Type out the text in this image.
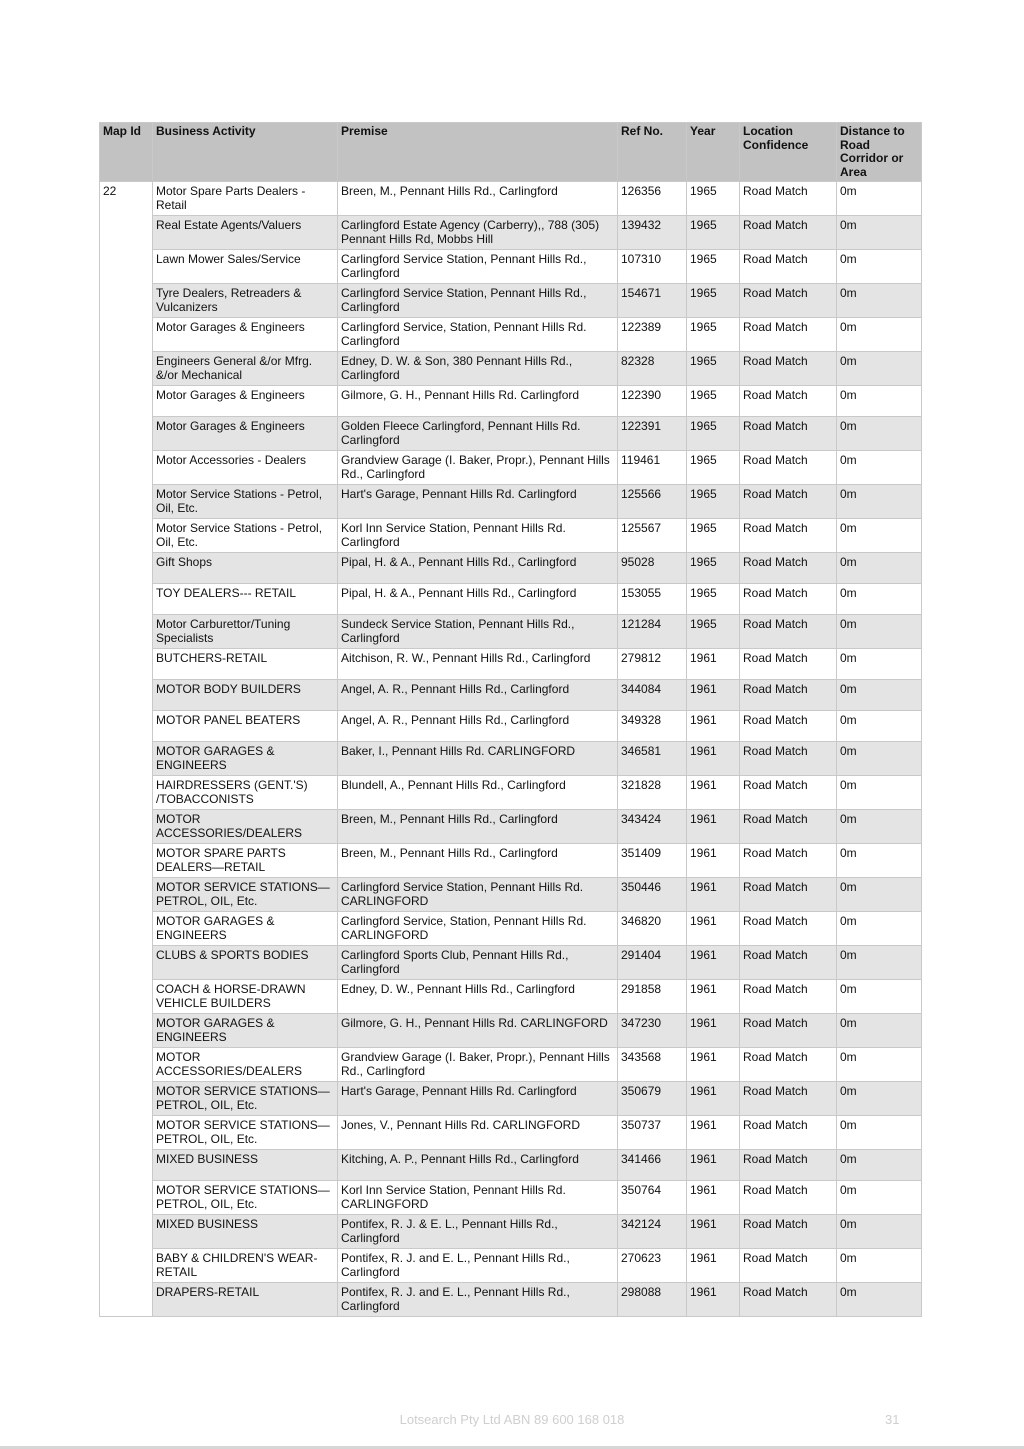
Map Id	Business Activity	Premise	Ref No.	Year	Location Confidence	Distance to Road Corridor or Area
22	Motor Spare Parts Dealers - Retail	Breen, M., Pennant Hills Rd., Carlingford	126356	1965	Road Match	0m
	Real Estate Agents/Valuers	Carlingford Estate Agency (Carberry),, 788 (305) Pennant Hills Rd, Mobbs Hill	139432	1965	Road Match	0m
	Lawn Mower Sales/Service	Carlingford Service Station, Pennant Hills Rd., Carlingford	107310	1965	Road Match	0m
	Tyre Dealers, Retreaders & Vulcanizers	Carlingford Service Station, Pennant Hills Rd., Carlingford	154671	1965	Road Match	0m
	Motor Garages & Engineers	Carlingford Service, Station, Pennant Hills Rd. Carlingford	122389	1965	Road Match	0m
	Engineers General &/or Mfrg. &/or Mechanical	Edney, D. W. & Son, 380 Pennant Hills Rd., Carlingford	82328	1965	Road Match	0m
	Motor Garages & Engineers	Gilmore, G. H., Pennant Hills Rd. Carlingford	122390	1965	Road Match	0m
	Motor Garages & Engineers	Golden Fleece Carlingford, Pennant Hills Rd. Carlingford	122391	1965	Road Match	0m
	Motor Accessories - Dealers	Grandview Garage (I. Baker, Propr.), Pennant Hills Rd., Carlingford	119461	1965	Road Match	0m
	Motor Service Stations - Petrol, Oil, Etc.	Hart's Garage, Pennant Hills Rd. Carlingford	125566	1965	Road Match	0m
	Motor Service Stations - Petrol, Oil, Etc.	Korl Inn Service Station, Pennant Hills Rd. Carlingford	125567	1965	Road Match	0m
	Gift Shops	Pipal, H. & A., Pennant Hills Rd., Carlingford	95028	1965	Road Match	0m
	TOY DEALERS--- RETAIL	Pipal, H. & A., Pennant Hills Rd., Carlingford	153055	1965	Road Match	0m
	Motor Carburettor/Tuning Specialists	Sundeck Service Station, Pennant Hills Rd., Carlingford	121284	1965	Road Match	0m
	BUTCHERS-RETAIL	Aitchison, R. W., Pennant Hills Rd., Carlingford	279812	1961	Road Match	0m
	MOTOR BODY BUILDERS	Angel, A. R., Pennant Hills Rd., Carlingford	344084	1961	Road Match	0m
	MOTOR PANEL BEATERS	Angel, A. R., Pennant Hills Rd., Carlingford	349328	1961	Road Match	0m
	MOTOR GARAGES & ENGINEERS	Baker, I., Pennant Hills Rd. CARLINGFORD	346581	1961	Road Match	0m
	HAIRDRESSERS (GENT.'S) /TOBACCONISTS	Blundell, A., Pennant Hills Rd., Carlingford	321828	1961	Road Match	0m
	MOTOR ACCESSORIES/DEALERS	Breen, M., Pennant Hills Rd., Carlingford	343424	1961	Road Match	0m
	MOTOR SPARE PARTS DEALERS—RETAIL	Breen, M., Pennant Hills Rd., Carlingford	351409	1961	Road Match	0m
	MOTOR SERVICE STATIONS—PETROL, OIL, Etc.	Carlingford Service Station, Pennant Hills Rd. CARLINGFORD	350446	1961	Road Match	0m
	MOTOR GARAGES & ENGINEERS	Carlingford Service, Station, Pennant Hills Rd. CARLINGFORD	346820	1961	Road Match	0m
	CLUBS & SPORTS BODIES	Carlingford Sports Club, Pennant Hills Rd., Carlingford	291404	1961	Road Match	0m
	COACH & HORSE-DRAWN VEHICLE BUILDERS	Edney, D. W., Pennant Hills Rd., Carlingford	291858	1961	Road Match	0m
	MOTOR GARAGES & ENGINEERS	Gilmore, G. H., Pennant Hills Rd. CARLINGFORD	347230	1961	Road Match	0m
	MOTOR ACCESSORIES/DEALERS	Grandview Garage (I. Baker, Propr.), Pennant Hills Rd., Carlingford	343568	1961	Road Match	0m
	MOTOR SERVICE STATIONS—PETROL, OIL, Etc.	Hart's Garage, Pennant Hills Rd. Carlingford	350679	1961	Road Match	0m
	MOTOR SERVICE STATIONS—PETROL, OIL, Etc.	Jones, V., Pennant Hills Rd. CARLINGFORD	350737	1961	Road Match	0m
	MIXED BUSINESS	Kitching, A. P., Pennant Hills Rd., Carlingford	341466	1961	Road Match	0m
	MOTOR SERVICE STATIONS—PETROL, OIL, Etc.	Korl Inn Service Station, Pennant Hills Rd. CARLINGFORD	350764	1961	Road Match	0m
	MIXED BUSINESS	Pontifex, R. J. & E. L., Pennant Hills Rd., Carlingford	342124	1961	Road Match	0m
	BABY & CHILDREN'S WEAR-RETAIL	Pontifex, R. J. and E. L., Pennant Hills Rd., Carlingford	270623	1961	Road Match	0m
	DRAPERS-RETAIL	Pontifex, R. J. and E. L., Pennant Hills Rd., Carlingford	298088	1961	Road Match	0m
Lotsearch Pty Ltd ABN 89 600 168 018	31
